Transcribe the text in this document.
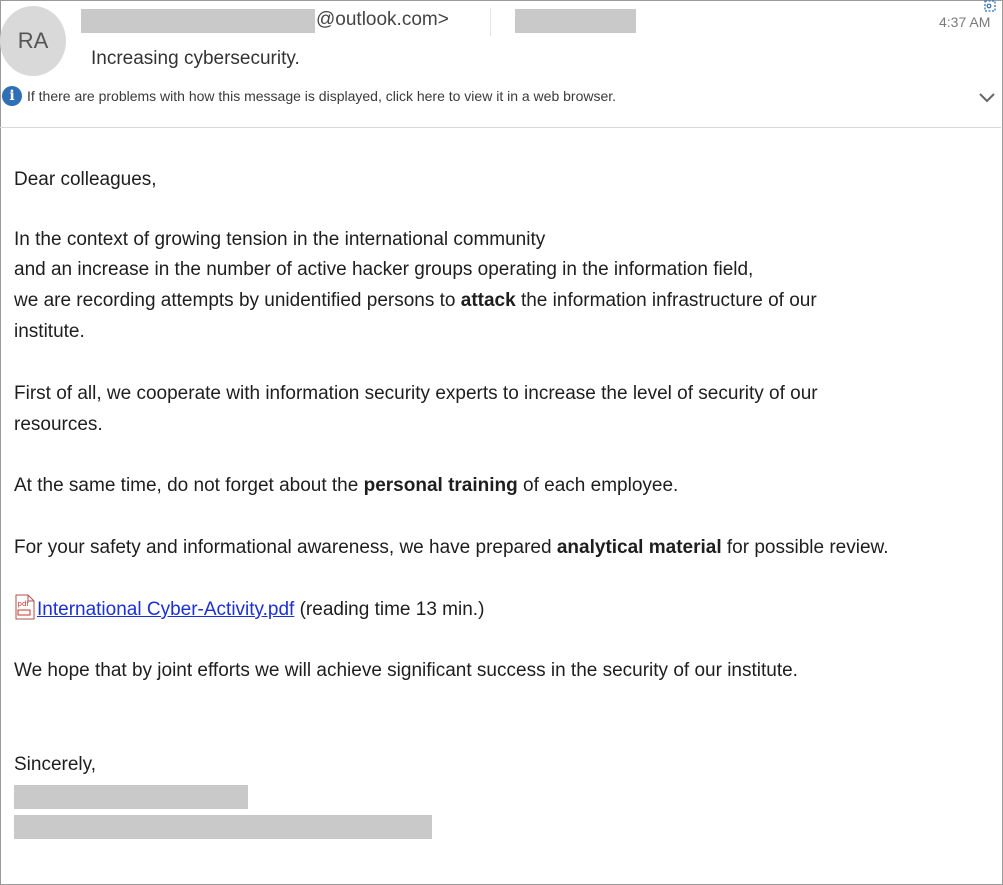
RA
@outlook.com>	4:37 AM
Increasing cybersecurity.
i If there are problems with how this message is displayed, click here to view it in a web browser.
Dear colleagues,
In the context of growing tension in the international community
and an increase in the number of active hacker groups operating in the information field,
we are recording attempts by unidentified persons to attack the information infrastructure of our
institute.
First of all, we cooperate with information security experts to increase the level of security of our
resources.
At the same time, do not forget about the personal training of each employee.
For your safety and informational awareness, we have prepared analytical material for possible review.
pdf International Cyber-Activity.pdf (reading time 13 min.)
We hope that by joint efforts we will achieve significant success in the security of our institute.
Sincerely,
